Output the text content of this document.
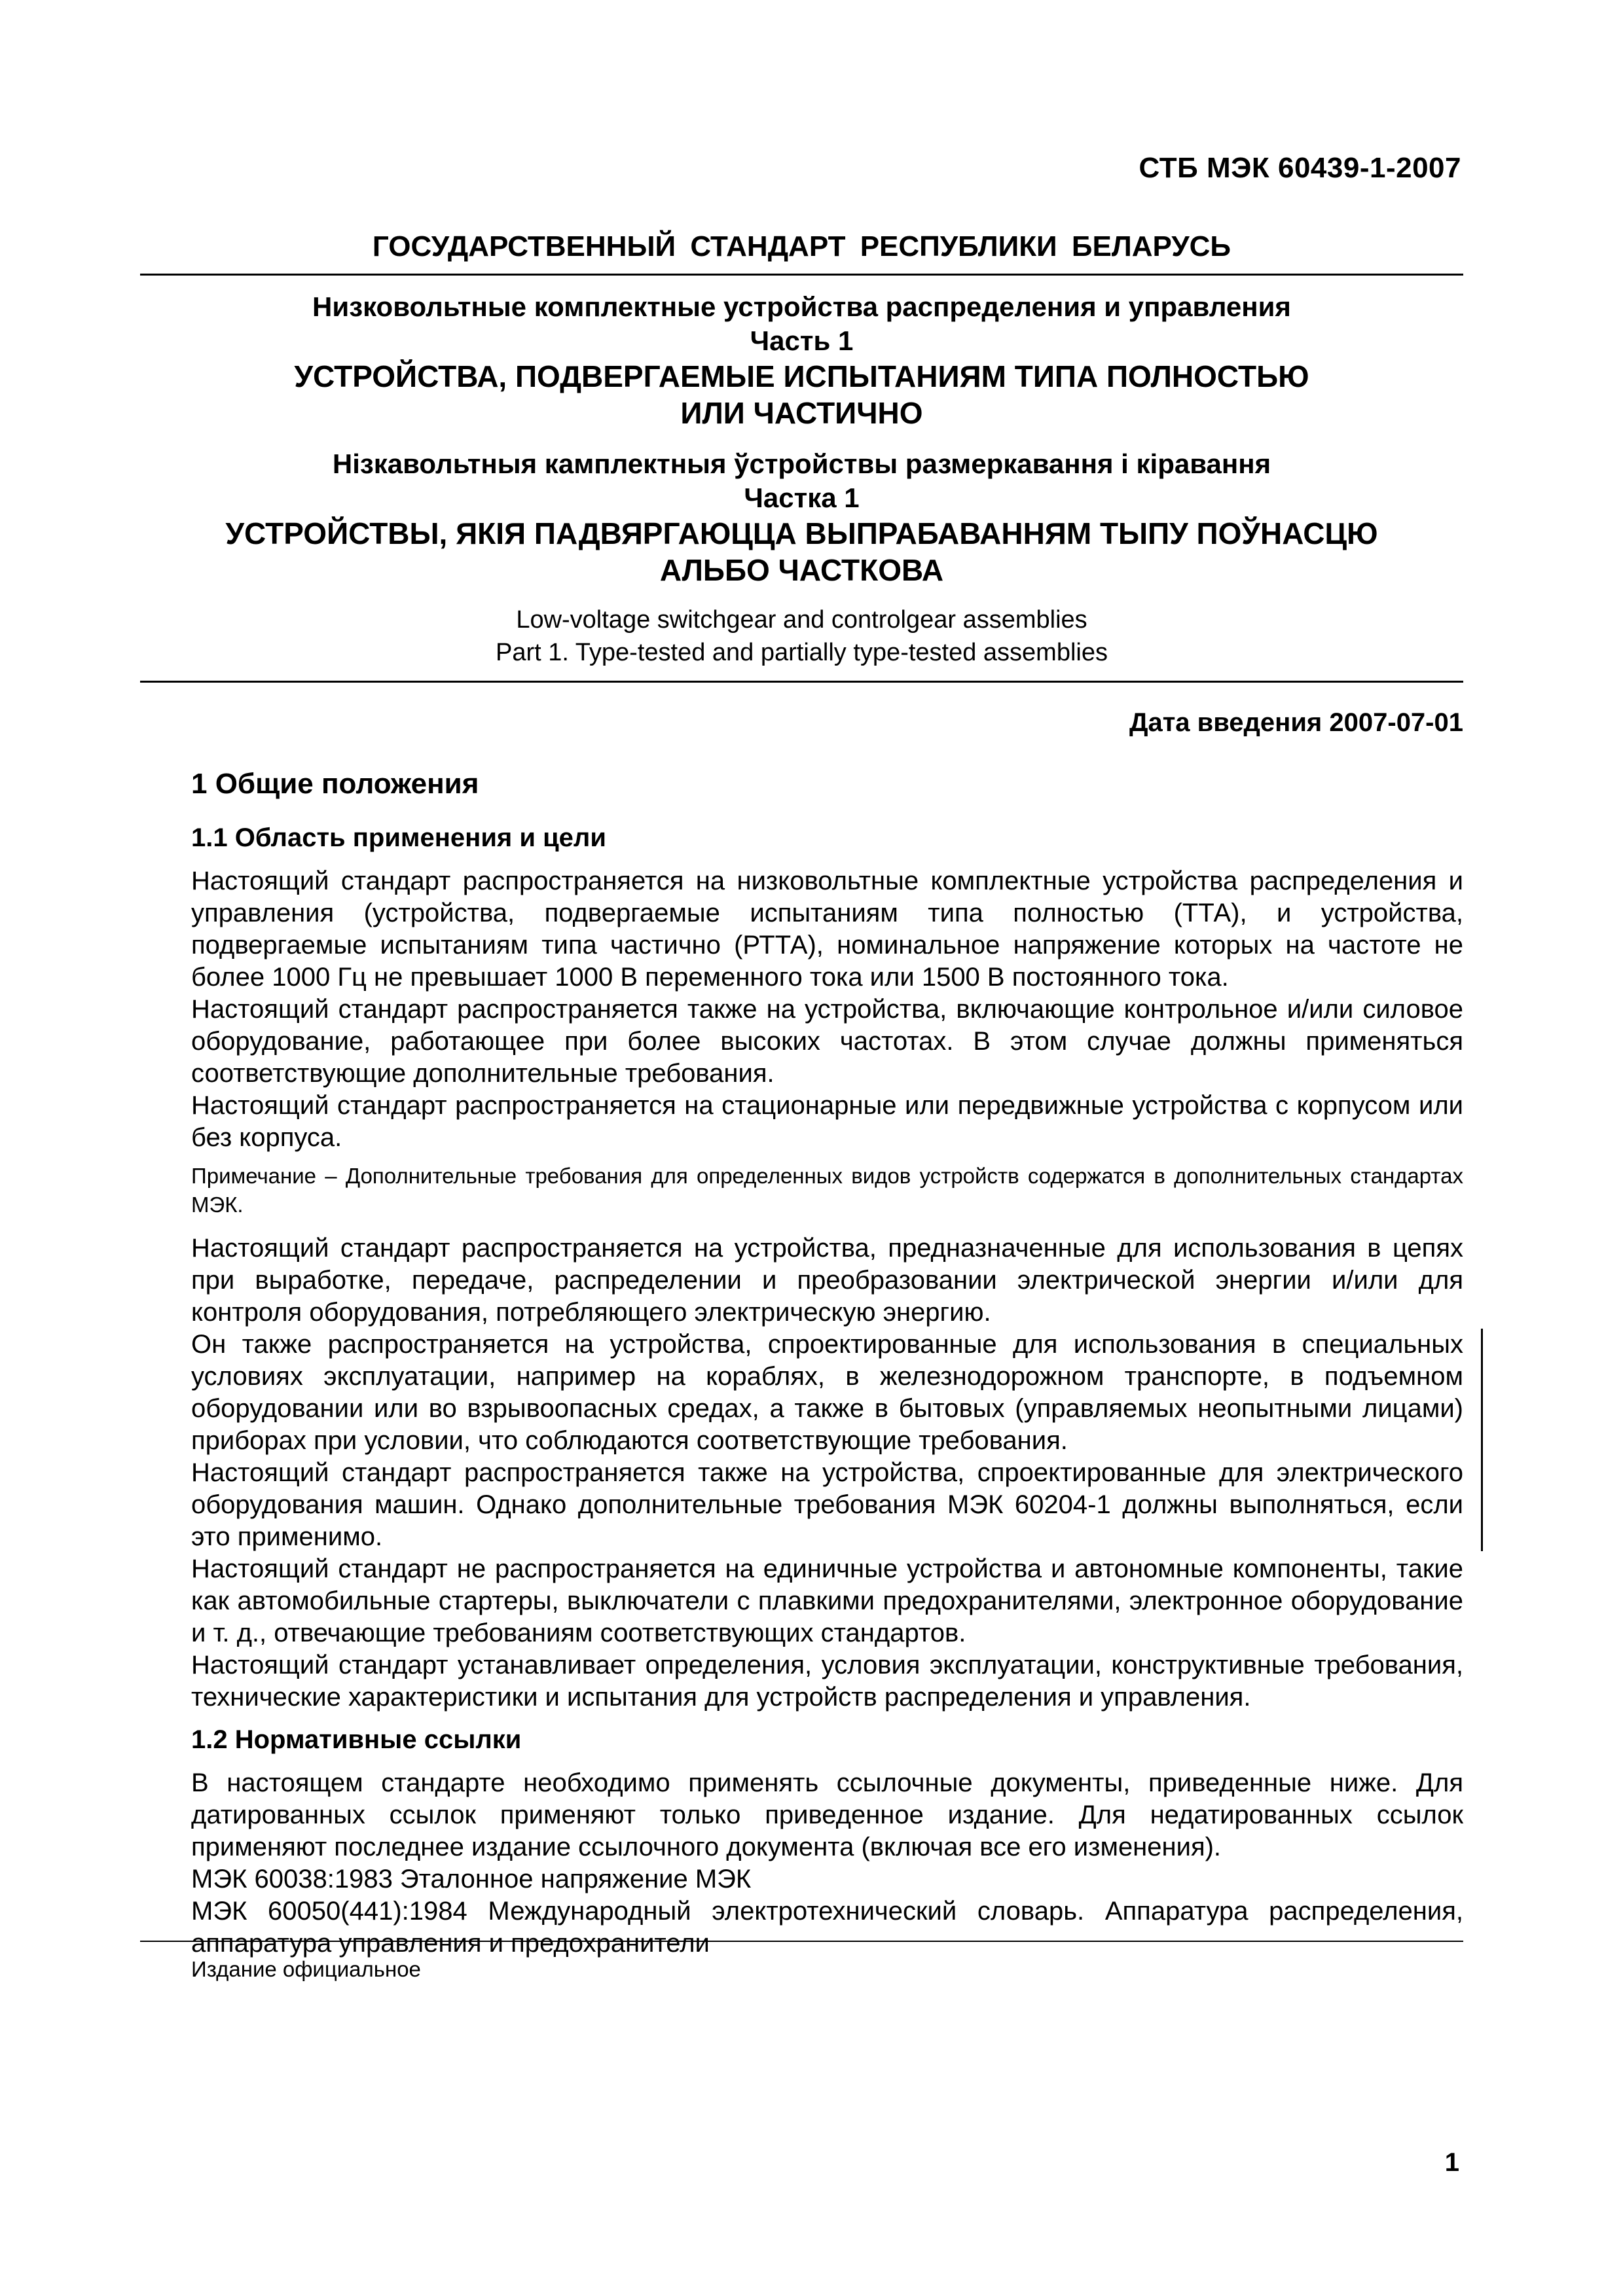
СТБ МЭК 60439-1-2007
ГОСУДАРСТВЕННЫЙ СТАНДАРТ РЕСПУБЛИКИ БЕЛАРУСЬ
Низковольтные комплектные устройства распределения и управления
Часть 1
УСТРОЙСТВА, ПОДВЕРГАЕМЫЕ ИСПЫТАНИЯМ ТИПА ПОЛНОСТЬЮ
ИЛИ ЧАСТИЧНО
Нізкавольтныя камплектныя ўстройствы размеркавання і кіравання
Частка 1
УСТРОЙСТВЫ, ЯКІЯ ПАДВЯРГАЮЦЦА ВЫПРАБАВАННЯМ ТЫПУ ПОЎНАСЦЮ
АЛЬБО ЧАСТКОВА
Low-voltage switchgear and controlgear assemblies
Part 1. Type-tested and partially type-tested assemblies
Дата введения 2007-07-01
1 Общие положения
1.1 Область применения и цели

Настоящий стандарт распространяется на низковольтные комплектные устройства распределения и управления (устройства, подвергаемые испытаниям типа полностью (ТТА), и устройства, подвергаемые испытаниям типа частично (РТТА), номинальное напряжение которых на частоте не более 1000 Гц не превышает 1000 В переменного тока или 1500 В постоянного тока.

Настоящий стандарт распространяется также на устройства, включающие контрольное и/или силовое оборудование, работающее при более высоких частотах. В этом случае должны применяться соответствующие дополнительные требования.

Настоящий стандарт распространяется на стационарные или передвижные устройства с корпусом или без корпуса.

Примечание – Дополнительные требования для определенных видов устройств содержатся в дополнительных стандартах МЭК.

Настоящий стандарт распространяется на устройства, предназначенные для использования в цепях при выработке, передаче, распределении и преобразовании электрической энергии и/или для контроля оборудования, потребляющего электрическую энергию.

Он также распространяется на устройства, спроектированные для использования в специальных условиях эксплуатации, например на кораблях, в железнодорожном транспорте, в подъемном оборудовании или во взрывоопасных средах, а также в бытовых (управляемых неопытными лицами) приборах при условии, что соблюдаются соответствующие требования.

Настоящий стандарт распространяется также на устройства, спроектированные для электрического оборудования машин. Однако дополнительные требования МЭК 60204-1 должны выполняться, если это применимо.

Настоящий стандарт не распространяется на единичные устройства и автономные компоненты, такие как автомобильные стартеры, выключатели с плавкими предохранителями, электронное оборудование и т. д., отвечающие требованиям соответствующих стандартов.

Настоящий стандарт устанавливает определения, условия эксплуатации, конструктивные требования, технические характеристики и испытания для устройств распределения и управления.

1.2 Нормативные ссылки

В настоящем стандарте необходимо применять ссылочные документы, приведенные ниже. Для датированных ссылок применяют только приведенное издание. Для недатированных ссылок применяют последнее издание ссылочного документа (включая все его изменения).

МЭК 60038:1983 Эталонное напряжение МЭК

МЭК 60050(441):1984 Международный электротехнический словарь. Аппаратура распределения, аппаратура управления и предохранители

Издание официальное
1
